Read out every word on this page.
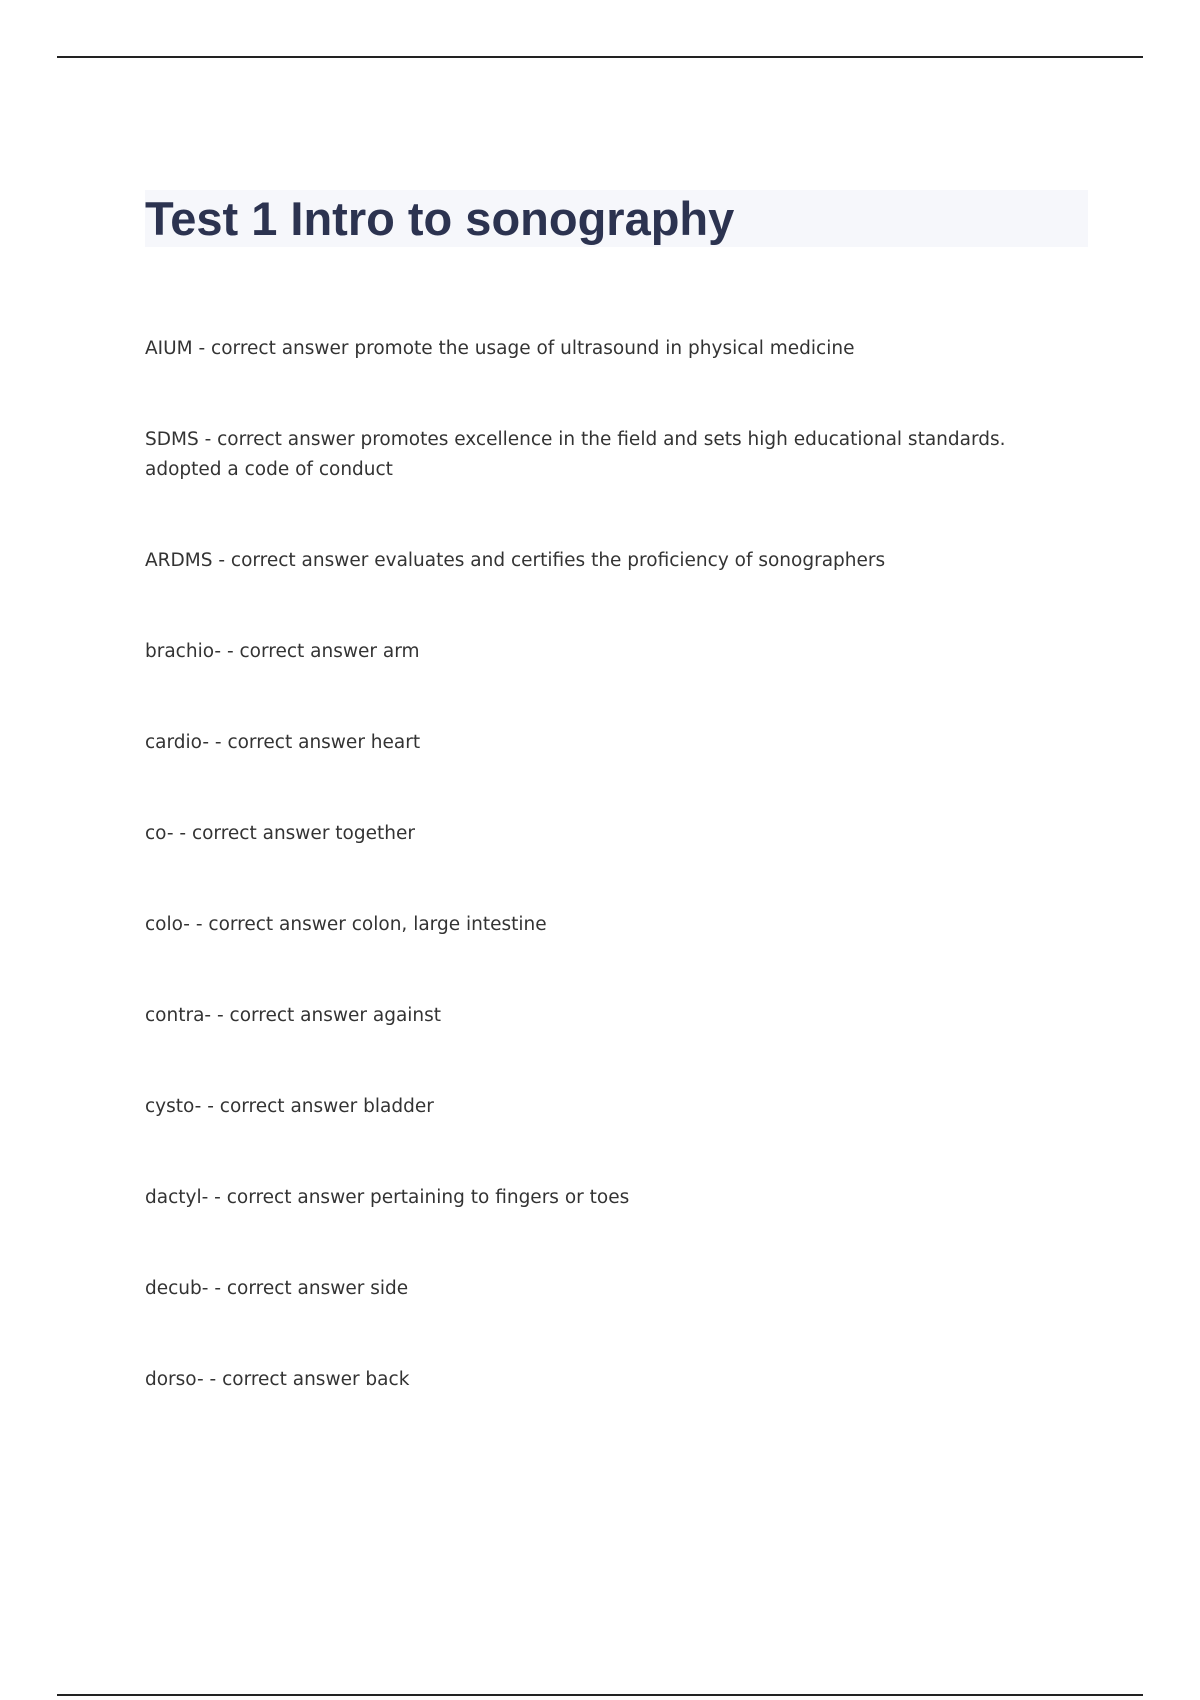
Test 1 Intro to sonography
AIUM - correct answer promote the usage of ultrasound in physical medicine
SDMS - correct answer promotes excellence in the field and sets high educational standards. adopted a code of conduct
ARDMS - correct answer evaluates and certifies the proficiency of sonographers
brachio- - correct answer arm
cardio- - correct answer heart
co- - correct answer together
colo- - correct answer colon, large intestine
contra- - correct answer against
cysto- - correct answer bladder
dactyl- - correct answer pertaining to fingers or toes
decub- - correct answer side
dorso- - correct answer back
